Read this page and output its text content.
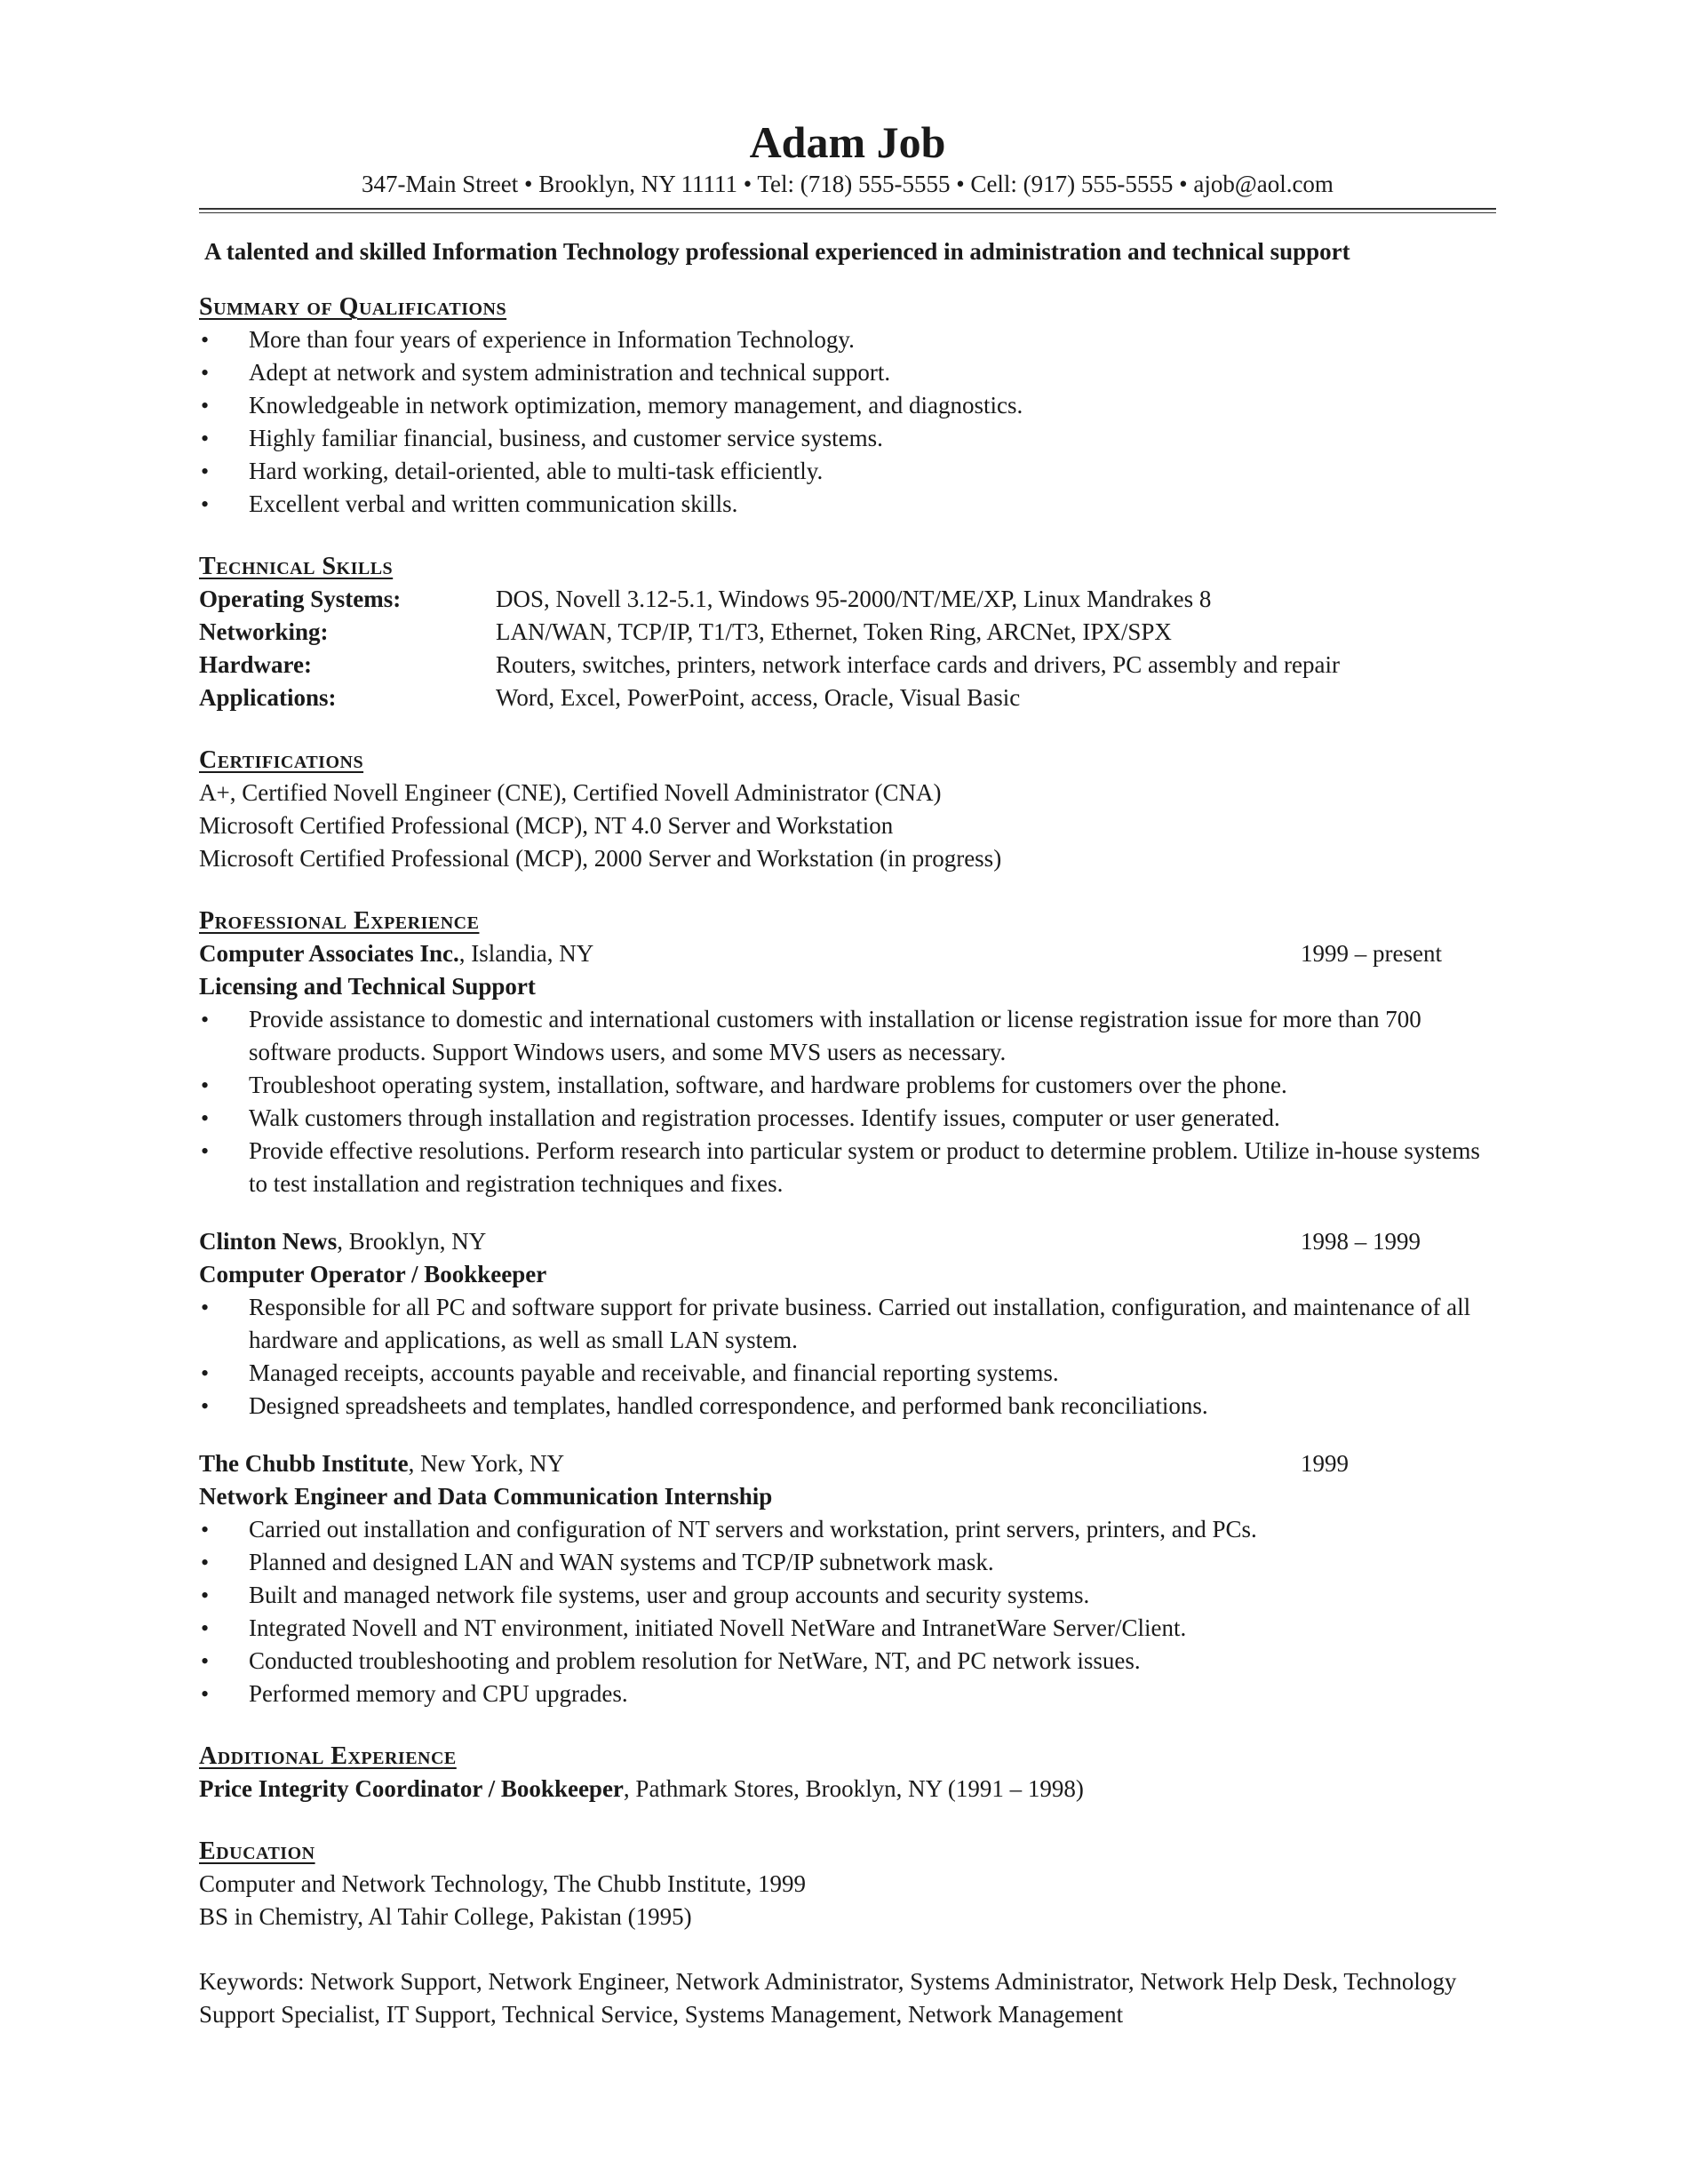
Adam Job

347-Main Street • Brooklyn, NY 11111 • Tel: (718) 555-5555 • Cell: (917) 555-5555 • ajob@aol.com

A talented and skilled Information Technology professional experienced in administration and technical support
Summary of Qualifications
• More than four years of experience in Information Technology.
• Adept at network and system administration and technical support.
• Knowledgeable in network optimization, memory management, and diagnostics.
• Highly familiar financial, business, and customer service systems.
• Hard working, detail-oriented, able to multi-task efficiently.
• Excellent verbal and written communication skills.
Technical Skills
Operating Systems:	DOS, Novell 3.12-5.1, Windows 95-2000/NT/ME/XP, Linux Mandrakes 8
Networking:	LAN/WAN, TCP/IP, T1/T3, Ethernet, Token Ring, ARCNet, IPX/SPX
Hardware:	Routers, switches, printers, network interface cards and drivers, PC assembly and repair
Applications:	Word, Excel, PowerPoint, access, Oracle, Visual Basic
Certifications

A+, Certified Novell Engineer (CNE), Certified Novell Administrator (CNA)

Microsoft Certified Professional (MCP), NT 4.0 Server and Workstation

Microsoft Certified Professional (MCP), 2000 Server and Workstation (in progress)

Professional Experience
Computer Associates Inc., Islandia, NY	1999 – present
Licensing and Technical Support
• Provide assistance to domestic and international customers with installation or license registration issue for more than 700 software products. Support Windows users, and some MVS users as necessary.
• Troubleshoot operating system, installation, software, and hardware problems for customers over the phone.
• Walk customers through installation and registration processes. Identify issues, computer or user generated.
• Provide effective resolutions. Perform research into particular system or product to determine problem. Utilize in-house systems to test installation and registration techniques and fixes.
Clinton News, Brooklyn, NY	1998 – 1999
Computer Operator / Bookkeeper
• Responsible for all PC and software support for private business. Carried out installation, configuration, and maintenance of all hardware and applications, as well as small LAN system.
• Managed receipts, accounts payable and receivable, and financial reporting systems.
• Designed spreadsheets and templates, handled correspondence, and performed bank reconciliations.
The Chubb Institute, New York, NY	1999
Network Engineer and Data Communication Internship
• Carried out installation and configuration of NT servers and workstation, print servers, printers, and PCs.
• Planned and designed LAN and WAN systems and TCP/IP subnetwork mask.
• Built and managed network file systems, user and group accounts and security systems.
• Integrated Novell and NT environment, initiated Novell NetWare and IntranetWare Server/Client.
• Conducted troubleshooting and problem resolution for NetWare, NT, and PC network issues.
• Performed memory and CPU upgrades.
Additional Experience

Price Integrity Coordinator / Bookkeeper, Pathmark Stores, Brooklyn, NY (1991 – 1998)

Education

Computer and Network Technology, The Chubb Institute, 1999

BS in Chemistry, Al Tahir College, Pakistan (1995)

Keywords: Network Support, Network Engineer, Network Administrator, Systems Administrator, Network Help Desk, Technology Support Specialist, IT Support, Technical Service, Systems Management, Network Management
